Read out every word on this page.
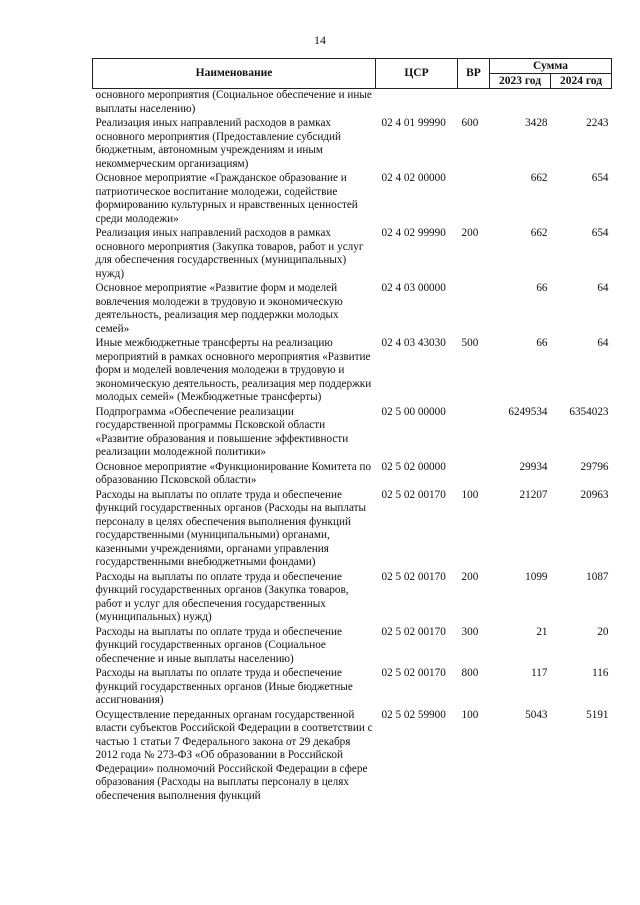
14
Наименование	ЦСР	ВР	Сумма	
			2023 год	2024 год
основного мероприятия (Социальное обеспечение и иные выплаты населению)				
Реализация иных направлений расходов в рамках основного мероприятия (Предоставление субсидий бюджетным, автономным учреждениям и иным некоммерческим организациям)	02 4 01 99990	600	3428	2243
Основное мероприятие «Гражданское образование и патриотическое воспитание молодежи, содействие формированию культурных и нравственных ценностей среди молодежи»	02 4 02 00000		662	654
Реализация иных направлений расходов в рамках основного мероприятия (Закупка товаров, работ и услуг для обеспечения государственных (муниципальных) нужд)	02 4 02 99990	200	662	654
Основное мероприятие «Развитие форм и моделей вовлечения молодежи в трудовую и экономическую деятельность, реализация мер поддержки молодых семей»	02 4 03 00000		66	64
Иные межбюджетные трансферты на реализацию мероприятий в рамках основного мероприятия «Развитие форм и моделей вовлечения молодежи в трудовую и экономическую деятельность, реализация мер поддержки молодых семей» (Межбюджетные трансферты)	02 4 03 43030	500	66	64
Подпрограмма «Обеспечение реализации государственной программы Псковской области «Развитие образования и повышение эффективности реализации молодежной политики»	02 5 00 00000		6249534	6354023
Основное мероприятие «Функционирование Комитета по образованию Псковской области»	02 5 02 00000		29934	29796
Расходы на выплаты по оплате труда и обеспечение функций государственных органов (Расходы на выплаты персоналу в целях обеспечения выполнения функций государственными (муниципальными) органами, казенными учреждениями, органами управления государственными внебюджетными фондами)	02 5 02 00170	100	21207	20963
Расходы на выплаты по оплате труда и обеспечение функций государственных органов (Закупка товаров, работ и услуг для обеспечения государственных (муниципальных) нужд)	02 5 02 00170	200	1099	1087
Расходы на выплаты по оплате труда и обеспечение функций государственных органов (Социальное обеспечение и иные выплаты населению)	02 5 02 00170	300	21	20
Расходы на выплаты по оплате труда и обеспечение функций государственных органов (Иные бюджетные ассигнования)	02 5 02 00170	800	117	116
Осуществление переданных органам государственной власти субъектов Российской Федерации в соответствии с частью 1 статьи 7 Федерального закона от 29 декабря 2012 года № 273-ФЗ «Об образовании в Российской Федерации» полномочий Российской Федерации в сфере образования (Расходы на выплаты персоналу в целях обеспечения выполнения функций	02 5 02 59900	100	5043	5191
